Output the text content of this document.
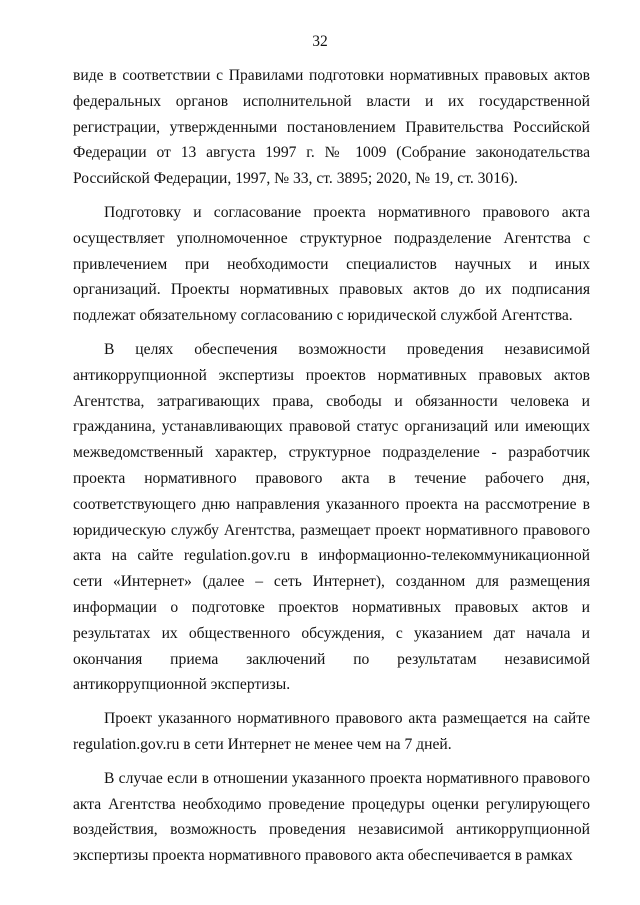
32

виде в соответствии с Правилами подготовки нормативных правовых актов федеральных органов исполнительной власти и их государственной регистрации, утвержденными постановлением Правительства Российской Федерации от 13 августа 1997 г. № 1009 (Собрание законодательства Российской Федерации, 1997, № 33, ст. 3895; 2020, № 19, ст. 3016).

Подготовку и согласование проекта нормативного правового акта осуществляет уполномоченное структурное подразделение Агентства с привлечением при необходимости специалистов научных и иных организаций. Проекты нормативных правовых актов до их подписания подлежат обязательному согласованию с юридической службой Агентства.

В целях обеспечения возможности проведения независимой антикоррупционной экспертизы проектов нормативных правовых актов Агентства, затрагивающих права, свободы и обязанности человека и гражданина, устанавливающих правовой статус организаций или имеющих межведомственный характер, структурное подразделение - разработчик проекта нормативного правового акта в течение рабочего дня, соответствующего дню направления указанного проекта на рассмотрение в юридическую службу Агентства, размещает проект нормативного правового акта на сайте regulation.gov.ru в информационно-телекоммуникационной сети «Интернет» (далее – сеть Интернет), созданном для размещения информации о подготовке проектов нормативных правовых актов и результатах их общественного обсуждения, с указанием дат начала и окончания приема заключений по результатам независимой антикоррупционной экспертизы.

Проект указанного нормативного правового акта размещается на сайте regulation.gov.ru в сети Интернет не менее чем на 7 дней.

В случае если в отношении указанного проекта нормативного правового акта Агентства необходимо проведение процедуры оценки регулирующего воздействия, возможность проведения независимой антикоррупционной экспертизы проекта нормативного правового акта обеспечивается в рамках
